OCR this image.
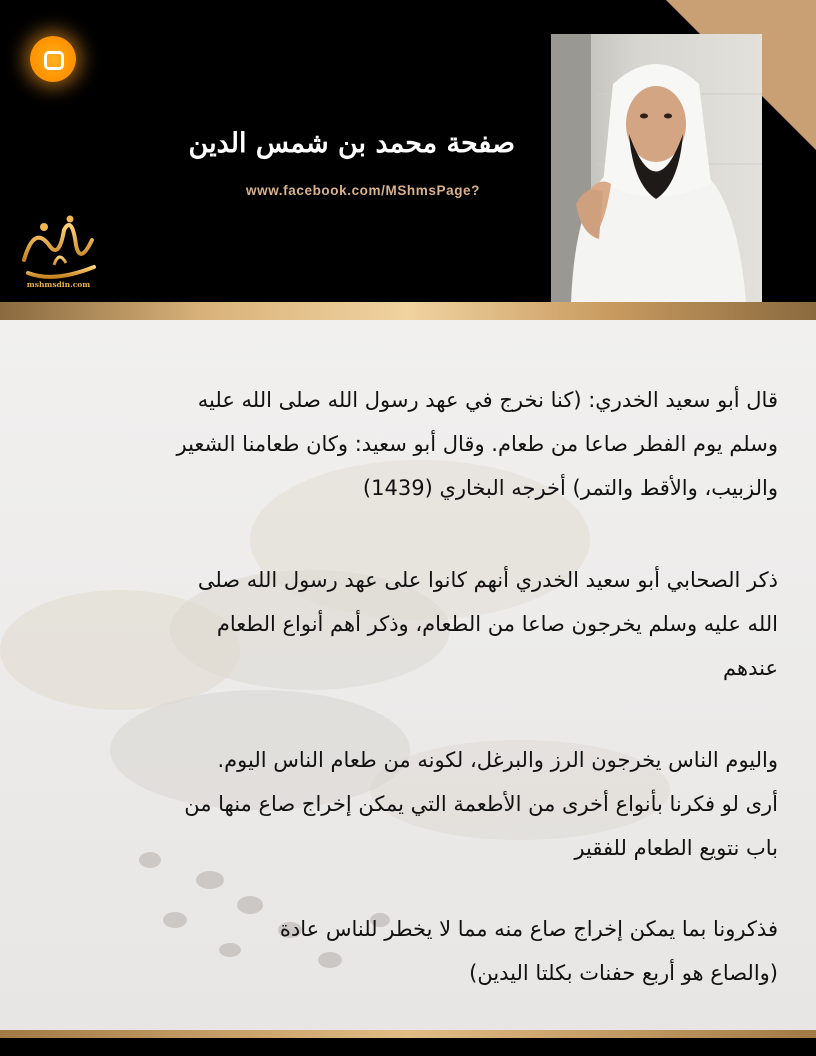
صفحة محمد بن شمس الدين
www.facebook.com/MShmsPage?
mshmsdin.com

قال أبو سعيد الخدري: (كنا نخرج في عهد رسول الله صلى الله عليه
وسلم يوم الفطر صاعا من طعام. وقال أبو سعيد: وكان طعامنا الشعير
والزبيب، والأقط والتمر) أخرجه البخاري (1439)

ذكر الصحابي أبو سعيد الخدري أنهم كانوا على عهد رسول الله صلى
الله عليه وسلم يخرجون صاعا من الطعام، وذكر أهم أنواع الطعام
عندهم

واليوم الناس يخرجون الرز والبرغل، لكونه من طعام الناس اليوم.
أرى لو فكرنا بأنواع أخرى من الأطعمة التي يمكن إخراج صاع منها من
باب نتويع الطعام للفقير

فذكرونا بما يمكن إخراج صاع منه مما لا يخطر للناس عادة
(والصاع هو أربع حفنات بكلتا اليدين)
